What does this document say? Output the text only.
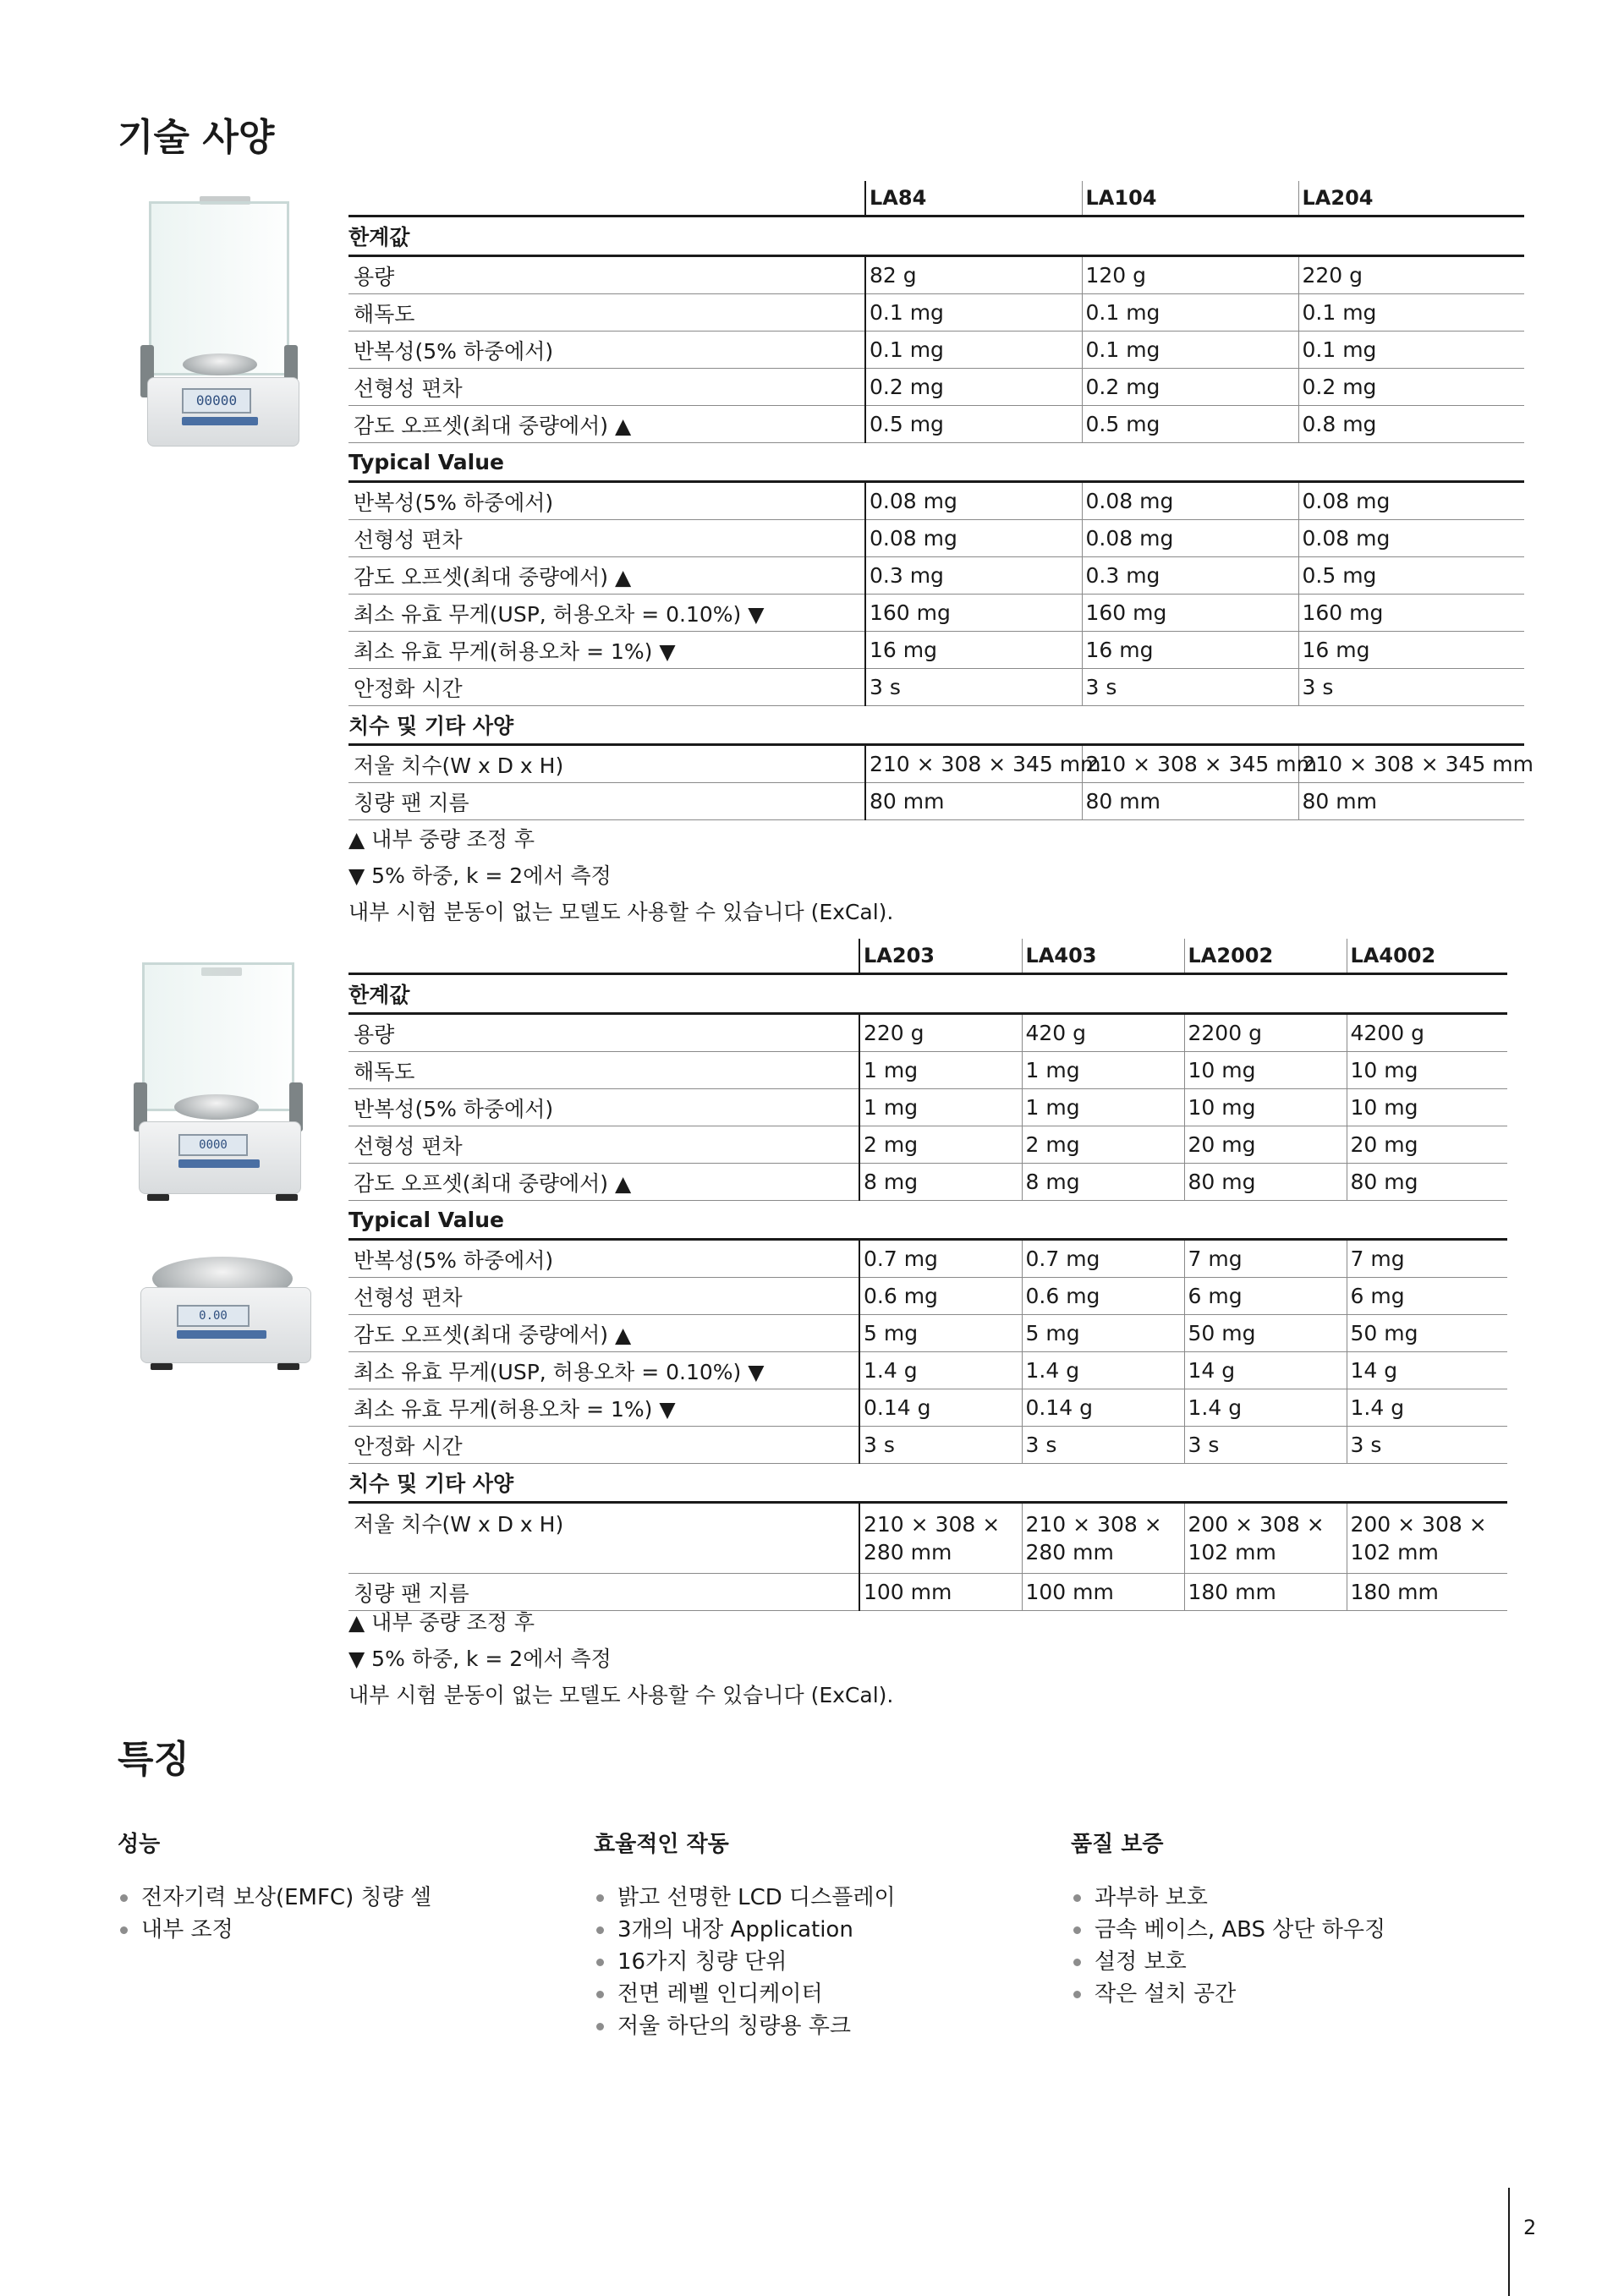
기술 사양
00000
	LA84	LA104	LA204
한계값			
용량	82 g	120 g	220 g
해독도	0.1 mg	0.1 mg	0.1 mg
반복성(5% 하중에서)	0.1 mg	0.1 mg	0.1 mg
선형성 편차	0.2 mg	0.2 mg	0.2 mg
감도 오프셋(최대 중량에서) ▲	0.5 mg	0.5 mg	0.8 mg
Typical Value			
반복성(5% 하중에서)	0.08 mg	0.08 mg	0.08 mg
선형성 편차	0.08 mg	0.08 mg	0.08 mg
감도 오프셋(최대 중량에서) ▲	0.3 mg	0.3 mg	0.5 mg
최소 유효 무게(USP, 허용오차 = 0.10%) ▼	160 mg	160 mg	160 mg
최소 유효 무게(허용오차 = 1%) ▼	16 mg	16 mg	16 mg
안정화 시간	3 s	3 s	3 s
치수 및 기타 사양			
저울 치수(W x D x H)	210 × 308 × 345 mm	210 × 308 × 345 mm	210 × 308 × 345 mm
칭량 팬 지름	80 mm	80 mm	80 mm
▲ 내부 중량 조정 후
▼ 5% 하중, k = 2에서 측정
내부 시험 분동이 없는 모델도 사용할 수 있습니다 (ExCal).
0000
0.00
	LA203	LA403	LA2002	LA4002
한계값				
용량	220 g	420 g	2200 g	4200 g
해독도	1 mg	1 mg	10 mg	10 mg
반복성(5% 하중에서)	1 mg	1 mg	10 mg	10 mg
선형성 편차	2 mg	2 mg	20 mg	20 mg
감도 오프셋(최대 중량에서) ▲	8 mg	8 mg	80 mg	80 mg
Typical Value				
반복성(5% 하중에서)	0.7 mg	0.7 mg	7 mg	7 mg
선형성 편차	0.6 mg	0.6 mg	6 mg	6 mg
감도 오프셋(최대 중량에서) ▲	5 mg	5 mg	50 mg	50 mg
최소 유효 무게(USP, 허용오차 = 0.10%) ▼	1.4 g	1.4 g	14 g	14 g
최소 유효 무게(허용오차 = 1%) ▼	0.14 g	0.14 g	1.4 g	1.4 g
안정화 시간	3 s	3 s	3 s	3 s
치수 및 기타 사양				
저울 치수(W x D x H)	210 × 308 × 280 mm	210 × 308 × 280 mm	200 × 308 × 102 mm	200 × 308 × 102 mm
칭량 팬 지름	100 mm	100 mm	180 mm	180 mm
▲ 내부 중량 조정 후
▼ 5% 하중, k = 2에서 측정
내부 시험 분동이 없는 모델도 사용할 수 있습니다 (ExCal).
특징
성능
전자기력 보상(EMFC) 칭량 셀
내부 조정
효율적인 작동
밝고 선명한 LCD 디스플레이
3개의 내장 Application
16가지 칭량 단위
전면 레벨 인디케이터
저울 하단의 칭량용 후크
품질 보증
과부하 보호
금속 베이스, ABS 상단 하우징
설정 보호
작은 설치 공간
2
